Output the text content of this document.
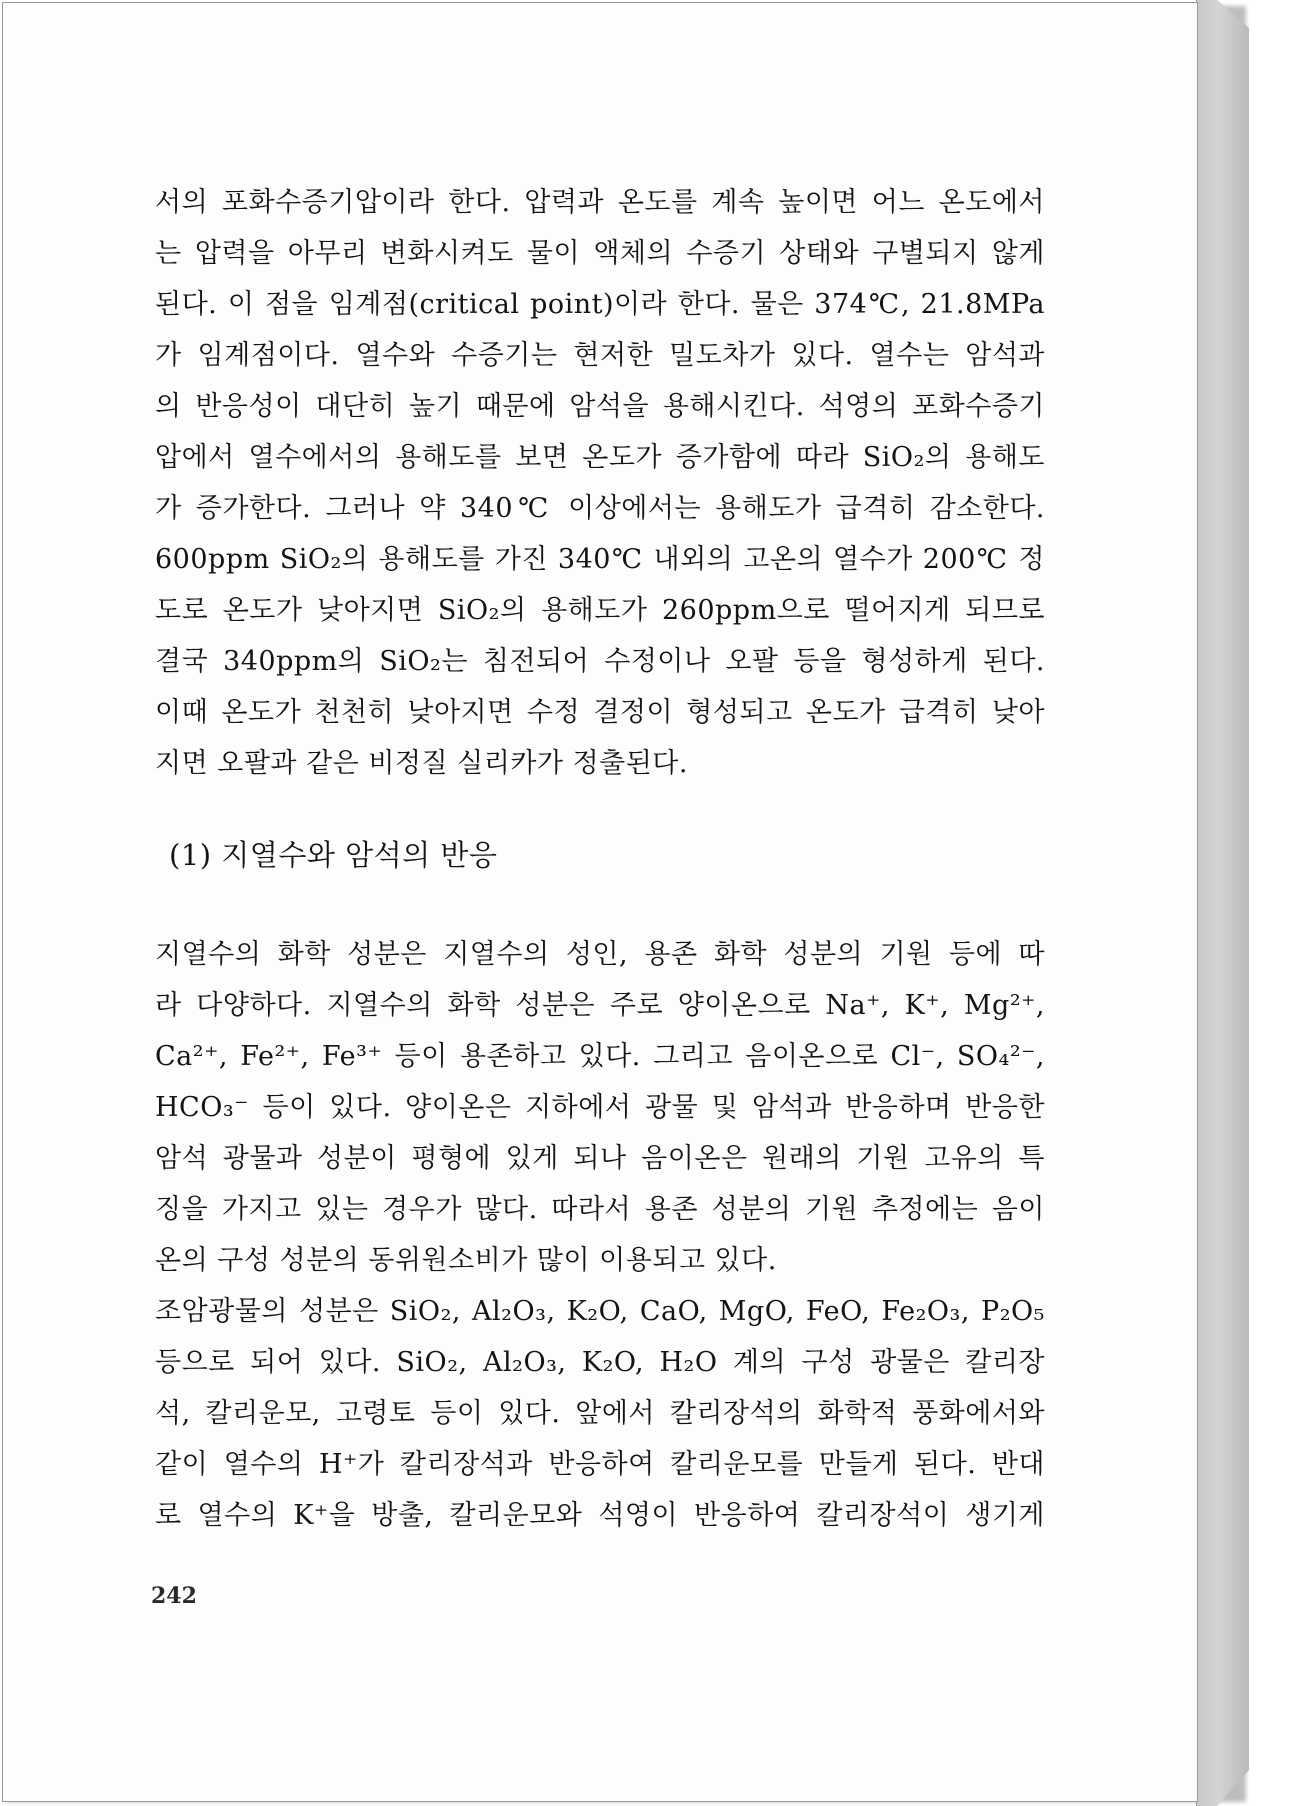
서의 포화수증기압이라 한다. 압력과 온도를 계속 높이면 어느 온도에서
는 압력을 아무리 변화시켜도 물이 액체의 수증기 상태와 구별되지 않게
된다. 이 점을 임계점(critical point)이라 한다. 물은 374℃, 21.8MPa
가 임계점이다. 열수와 수증기는 현저한 밀도차가 있다. 열수는 암석과
의 반응성이 대단히 높기 때문에 암석을 용해시킨다. 석영의 포화수증기
압에서 열수에서의 용해도를 보면 온도가 증가함에 따라 SiO₂의 용해도
가 증가한다. 그러나 약 340℃ 이상에서는 용해도가 급격히 감소한다.
600ppm SiO₂의 용해도를 가진 340℃ 내외의 고온의 열수가 200℃ 정
도로 온도가 낮아지면 SiO₂의 용해도가 260ppm으로 떨어지게 되므로
결국 340ppm의 SiO₂는 침전되어 수정이나 오팔 등을 형성하게 된다.
이때 온도가 천천히 낮아지면 수정 결정이 형성되고 온도가 급격히 낮아
지면 오팔과 같은 비정질 실리카가 정출된다.
(1) 지열수와 암석의 반응
지열수의 화학 성분은 지열수의 성인, 용존 화학 성분의 기원 등에 따
라 다양하다. 지열수의 화학 성분은 주로 양이온으로 Na⁺, K⁺, Mg²⁺,
Ca²⁺, Fe²⁺, Fe³⁺ 등이 용존하고 있다. 그리고 음이온으로 Cl⁻, SO₄²⁻,
HCO₃⁻ 등이 있다. 양이온은 지하에서 광물 및 암석과 반응하며 반응한
암석 광물과 성분이 평형에 있게 되나 음이온은 원래의 기원 고유의 특
징을 가지고 있는 경우가 많다. 따라서 용존 성분의 기원 추정에는 음이
온의 구성 성분의 동위원소비가 많이 이용되고 있다.
조암광물의 성분은 SiO₂, Al₂O₃, K₂O, CaO, MgO, FeO, Fe₂O₃, P₂O₅
등으로 되어 있다. SiO₂, Al₂O₃, K₂O, H₂O 계의 구성 광물은 칼리장
석, 칼리운모, 고령토 등이 있다. 앞에서 칼리장석의 화학적 풍화에서와
같이 열수의 H⁺가 칼리장석과 반응하여 칼리운모를 만들게 된다. 반대
로 열수의 K⁺을 방출, 칼리운모와 석영이 반응하여 칼리장석이 생기게
242
